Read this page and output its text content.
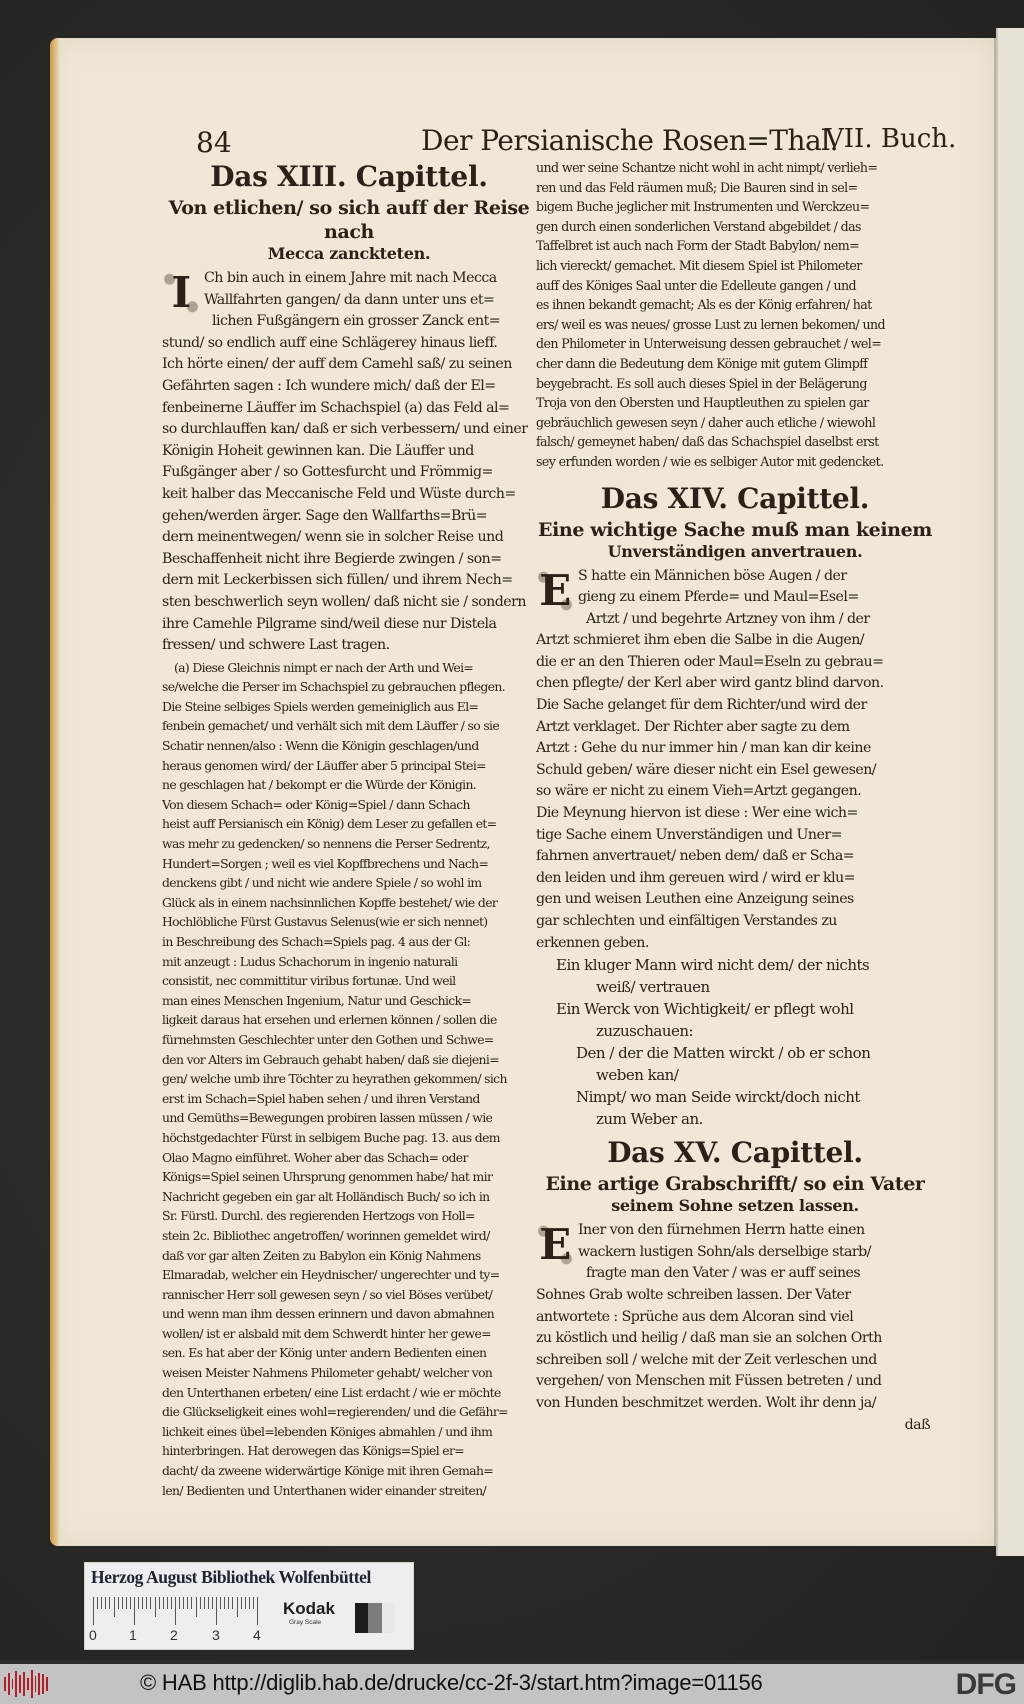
84	Der Persianische Rosen=Thal.
VII. Buch.
Das XIII. Capittel.
Von etlichen/ so sich auff der Reise nach
Mecca zanckteten.
I Ch bin auch in einem Jahre mit nach Mecca
Wallfahrten gangen/ da dann unter uns et=
lichen Fußgängern ein grosser Zanck ent=
stund/ so endlich auff eine Schlägerey hinaus lieff.
Ich hörte einen/ der auff dem Camehl saß/ zu seinen
Gefährten sagen : Ich wundere mich/ daß der El=
fenbeinerne Läuffer im Schachspiel (a) das Feld al=
so durchlauffen kan/ daß er sich verbessern/ und einer
Königin Hoheit gewinnen kan. Die Läuffer und
Fußgänger aber / so Gottesfurcht und Frömmig=
keit halber das Meccanische Feld und Wüste durch=
gehen/werden ärger. Sage den Wallfarths=Brü=
dern meinentwegen/ wenn sie in solcher Reise und
Beschaffenheit nicht ihre Begierde zwingen / son=
dern mit Leckerbissen sich füllen/ und ihrem Nech=
sten beschwerlich seyn wollen/ daß nicht sie / sondern
ihre Camehle Pilgrame sind/weil diese nur Distela
fressen/ und schwere Last tragen.
(a) Diese Gleichnis nimpt er nach der Arth und Wei=
se/welche die Perser im Schachspiel zu gebrauchen pflegen.
Die Steine selbiges Spiels werden gemeiniglich aus El=
fenbein gemachet/ und verhält sich mit dem Läuffer / so sie
Schatir nennen/also : Wenn die Königin geschlagen/und
heraus genomen wird/ der Läuffer aber 5 principal Stei=
ne geschlagen hat / bekompt er die Würde der Königin.
Von diesem Schach= oder König=Spiel / dann Schach
heist auff Persianisch ein König) dem Leser zu gefallen et=
was mehr zu gedencken/ so nennens die Perser Sedrentz,
Hundert=Sorgen ; weil es viel Kopffbrechens und Nach=
denckens gibt / und nicht wie andere Spiele / so wohl im
Glück als in einem nachsinnlichen Kopffe bestehet/ wie der
Hochlöbliche Fürst Gustavus Selenus(wie er sich nennet)
in Beschreibung des Schach=Spiels pag. 4 aus der Gl:
mit anzeugt : Ludus Schachorum in ingenio naturali
consistit, nec committitur viribus fortunæ. Und weil
man eines Menschen Ingenium, Natur und Geschick=
ligkeit daraus hat ersehen und erlernen können / sollen die
fürnehmsten Geschlechter unter den Gothen und Schwe=
den vor Alters im Gebrauch gehabt haben/ daß sie diejeni=
gen/ welche umb ihre Töchter zu heyrathen gekommen/ sich
erst im Schach=Spiel haben sehen / und ihren Verstand
und Gemüths=Bewegungen probiren lassen müssen / wie
höchstgedachter Fürst in selbigem Buche pag. 13. aus dem
Olao Magno einführet. Woher aber das Schach= oder
Königs=Spiel seinen Uhrsprung genommen habe/ hat mir
Nachricht gegeben ein gar alt Holländisch Buch/ so ich in
Sr. Fürstl. Durchl. des regierenden Hertzogs von Holl=
stein 2c. Bibliothec angetroffen/ worinnen gemeldet wird/
daß vor gar alten Zeiten zu Babylon ein König Nahmens
Elmaradab, welcher ein Heydnischer/ ungerechter und ty=
rannischer Herr soll gewesen seyn / so viel Böses verübet/
und wenn man ihm dessen erinnern und davon abmahnen
wollen/ ist er alsbald mit dem Schwerdt hinter her gewe=
sen. Es hat aber der König unter andern Bedienten einen
weisen Meister Nahmens Philometer gehabt/ welcher von
den Unterthanen erbeten/ eine List erdacht / wie er möchte
die Glückseligkeit eines wohl=regierenden/ und die Gefähr=
lichkeit eines übel=lebenden Königes abmahlen / und ihm
hinterbringen. Hat derowegen das Königs=Spiel er=
dacht/ da zweene widerwärtige Könige mit ihren Gemah=
len/ Bedienten und Unterthanen wider einander streiten/
und wer seine Schantze nicht wohl in acht nimpt/ verlieh=
ren und das Feld räumen muß; Die Bauren sind in sel=
bigem Buche jeglicher mit Instrumenten und Werckzeu=
gen durch einen sonderlichen Verstand abgebildet / das
Taffelbret ist auch nach Form der Stadt Babylon/ nem=
lich viereckt/ gemachet. Mit diesem Spiel ist Philometer
auff des Königes Saal unter die Edelleute gangen / und
es ihnen bekandt gemacht; Als es der König erfahren/ hat
ers/ weil es was neues/ grosse Lust zu lernen bekomen/ und
den Philometer in Unterweisung dessen gebrauchet / wel=
cher dann die Bedeutung dem Könige mit gutem Glimpff
beygebracht. Es soll auch dieses Spiel in der Belägerung
Troja von den Obersten und Hauptleuthen zu spielen gar
gebräuchlich gewesen seyn / daher auch etliche / wiewohl
falsch/ gemeynet haben/ daß das Schachspiel daselbst erst
sey erfunden worden / wie es selbiger Autor mit gedencket.
Das XIV. Capittel.
Eine wichtige Sache muß man keinem
Unverständigen anvertrauen.
E S hatte ein Männichen böse Augen / der
gieng zu einem Pferde= und Maul=Esel=
Artzt / und begehrte Artzney von ihm / der
Artzt schmieret ihm eben die Salbe in die Augen/
die er an den Thieren oder Maul=Eseln zu gebrau=
chen pflegte/ der Kerl aber wird gantz blind darvon.
Die Sache gelanget für dem Richter/und wird der
Artzt verklaget. Der Richter aber sagte zu dem
Artzt : Gehe du nur immer hin / man kan dir keine
Schuld geben/ wäre dieser nicht ein Esel gewesen/
so wäre er nicht zu einem Vieh=Artzt gegangen.
Die Meynung hiervon ist diese : Wer eine wich=
tige Sache einem Unverständigen und Uner=
fahrnen anvertrauet/ neben dem/ daß er Scha=
den leiden und ihm gereuen wird / wird er klu=
gen und weisen Leuthen eine Anzeigung seines
gar schlechten und einfältigen Verstandes zu
erkennen geben.
Ein kluger Mann wird nicht dem/ der nichts
weiß/ vertrauen
Ein Werck von Wichtigkeit/ er pflegt wohl
zuzuschauen:
Den / der die Matten wirckt / ob er schon
weben kan/
Nimpt/ wo man Seide wirckt/doch nicht
zum Weber an.
Das XV. Capittel.
Eine artige Grabschrifft/ so ein Vater
seinem Sohne setzen lassen.
E Iner von den fürnehmen Herrn hatte einen
wackern lustigen Sohn/als derselbige starb/
fragte man den Vater / was er auff seines
Sohnes Grab wolte schreiben lassen. Der Vater
antwortete : Sprüche aus dem Alcoran sind viel
zu köstlich und heilig / daß man sie an solchen Orth
schreiben soll / welche mit der Zeit verleschen und
vergehen/ von Menschen mit Füssen betreten / und
von Hunden beschmitzet werden. Wolt ihr denn ja/
daß
Herzog August Bibliothek Wolfenbüttel
0 1 2 3 4
Kodak
Gray Scale
© HAB http://diglib.hab.de/drucke/cc-2f-3/start.htm?image=01156	DFG
